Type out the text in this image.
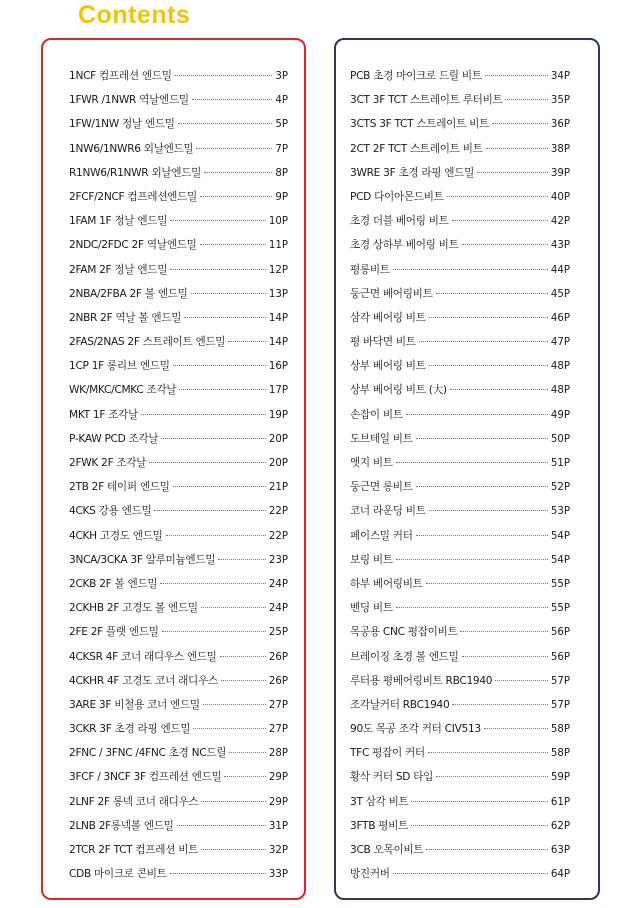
Contents
1NCF 컴프레션 엔드밀	3P
1FWR /1NWR 역날엔드밀	4P
1FW/1NW 정날 엔드밀	5P
1NW6/1NWR6 외날엔드밀	7P
R1NW6/R1NWR 외날엔드밀	8P
2FCF/2NCF 컴프레션엔드밀	9P
1FAM 1F 정날 엔드밀	10P
2NDC/2FDC 2F 역날엔드밀	11P
2FAM 2F 정날 엔드밀	12P
2NBA/2FBA 2F 볼 엔드밀	13P
2NBR 2F 역날 볼 엔드밀	14P
2FAS/2NAS 2F 스트레이트 엔드밀	14P
1CP 1F 롱리브 엔드밀	16P
WK/MKC/CMKC 조각날	17P
MKT 1F 조각날	19P
P-KAW PCD 조각날	20P
2FWK 2F 조각날	20P
2TB 2F 테이퍼 엔드밀	21P
4CKS 강용 엔드밀	22P
4CKH 고경도 엔드밀	22P
3NCA/3CKA 3F 알루미늄엔드밀	23P
2CKB 2F 볼 엔드밀	24P
2CKHB 2F 고경도 볼 엔드밀	24P
2FE 2F 플랫 엔드밀	25P
4CKSR 4F 코너 래디우스 엔드밀	26P
4CKHR 4F 고경도 코너 래디우스	26P
3ARE 3F 비철용 코너 엔드밀	27P
3CKR 3F 초경 라핑 엔드밀	27P
2FNC / 3FNC /4FNC 초경 NC드릴	28P
3FCF / 3NCF 3F 컴프레션 엔드밀	29P
2LNF 2F 롱넥 코너 래디우스	29P
2LNB 2F롱넥볼 엔드밀	31P
2TCR 2F TCT 컴프레션 비트	32P
CDB 마이크로 콘비트	33P
PCB 초경 마이크로 드릴 비트	34P
3CT 3F TCT 스트레이트 루터비트	35P
3CTS 3F TCT 스트레이트 비트	36P
2CT 2F TCT 스트레이트 비트	38P
3WRE 3F 초경 라핑 엔드밀	39P
PCD 다이아몬드비트	40P
초경 더블 베어링 비트	42P
초경 상하부 베어링 비트	43P
평롱비트	44P
둥근면 베어링비트	45P
삼각 베어링 비트	46P
평 바닥면 비트	47P
상부 베어링 비트	48P
상부 베어링 비트 (大)	48P
손잡이 비트	49P
도브테일 비트	50P
엣지 비트	51P
둥근면 롱비트	52P
코너 라운딩 비트	53P
페이스밀 커터	54P
보링 비트	54P
하부 베어링비트	55P
벤딩 비트	55P
목공용 CNC 평잡이비트	56P
브레이징 초경 볼 엔드밀	56P
루터용 평베어링비트 RBC1940	57P
조각날커터 RBC1940	57P
90도 목공 조각 커터 CIV513	58P
TFC 평잡이 커터	58P
황삭 커터 SD 타입	59P
3T 삼각 비트	61P
3FTB 평비트	62P
3CB 오목이비트	63P
방진커버	64P
